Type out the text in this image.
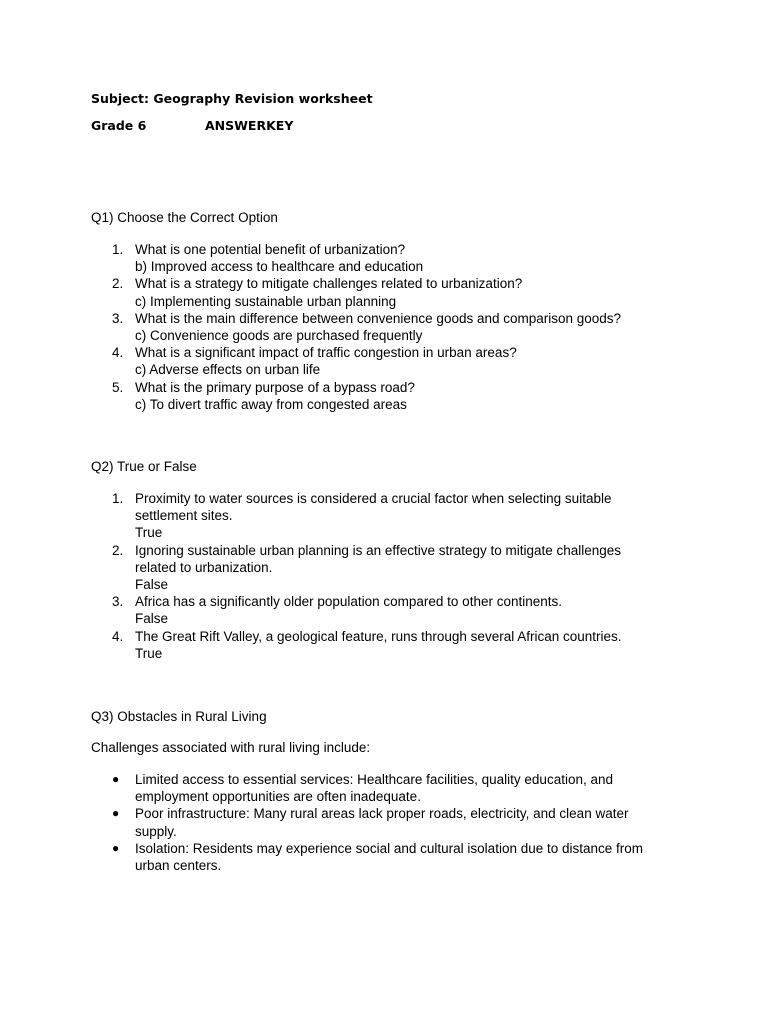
Subject: Geography Revision worksheet
Grade 6	ANSWERKEY
Q1) Choose the Correct Option
1. What is one potential benefit of urbanization?
b) Improved access to healthcare and education
2. What is a strategy to mitigate challenges related to urbanization?
c) Implementing sustainable urban planning
3. What is the main difference between convenience goods and comparison goods?
c) Convenience goods are purchased frequently
4. What is a significant impact of traffic congestion in urban areas?
c) Adverse effects on urban life
5. What is the primary purpose of a bypass road?
c) To divert traffic away from congested areas
Q2) True or False
1. Proximity to water sources is considered a crucial factor when selecting suitable
settlement sites.
True
2. Ignoring sustainable urban planning is an effective strategy to mitigate challenges
related to urbanization.
False
3. Africa has a significantly older population compared to other continents.
False
4. The Great Rift Valley, a geological feature, runs through several African countries.
True
Q3) Obstacles in Rural Living
Challenges associated with rural living include:
● Limited access to essential services: Healthcare facilities, quality education, and
employment opportunities are often inadequate.
● Poor infrastructure: Many rural areas lack proper roads, electricity, and clean water
supply.
● Isolation: Residents may experience social and cultural isolation due to distance from
urban centers.
